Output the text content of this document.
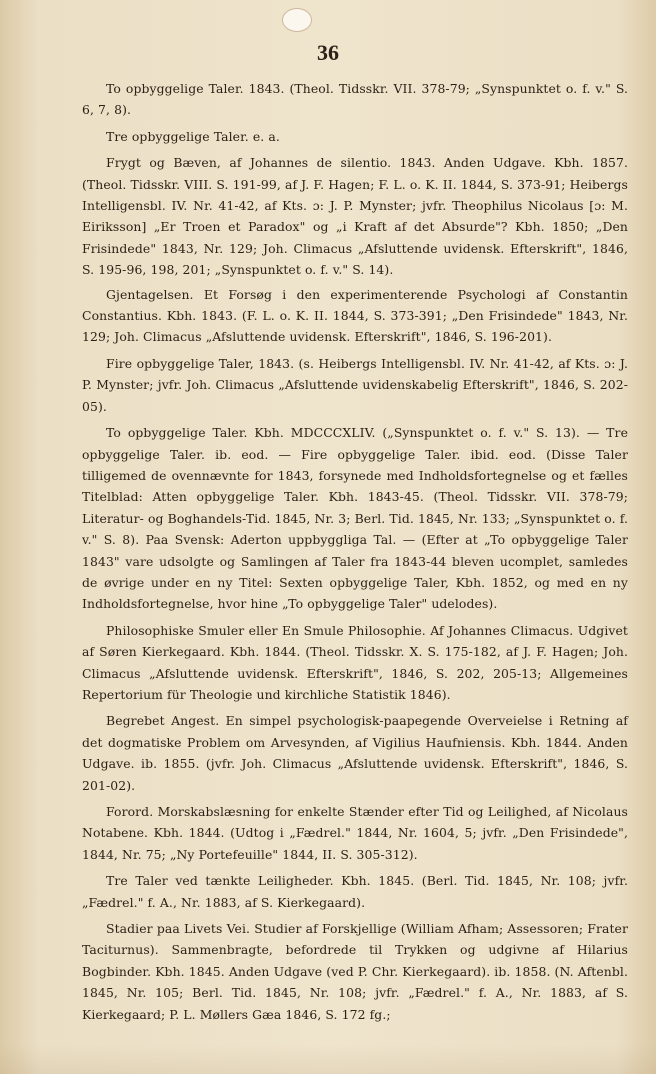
36

To opbyggelige Taler. 1843. (Theol. Tidsskr. VII. 378-79; „Synspunktet o. f. v." S. 6, 7, 8).

Tre opbyggelige Taler. e. a.

Frygt og Bæven, af Johannes de silentio. 1843. Anden Udgave. Kbh. 1857. (Theol. Tidsskr. VIII. S. 191-99, af J. F. Hagen; F. L. o. K. II. 1844, S. 373-91; Heibergs Intelligensbl. IV. Nr. 41-42, af Kts. ɔ: J. P. Mynster; jvfr. Theophilus Nicolaus [ɔ: M. Eiriksson] „Er Troen et Paradox" og „i Kraft af det Absurde"? Kbh. 1850; „Den Frisindede" 1843, Nr. 129; Joh. Climacus „Afsluttende uvidensk. Efterskrift", 1846, S. 195-96, 198, 201; „Synspunktet o. f. v." S. 14).

Gjentagelsen. Et Forsøg i den experimenterende Psychologi af Constantin Constantius. Kbh. 1843. (F. L. o. K. II. 1844, S. 373-391; „Den Frisindede" 1843, Nr. 129; Joh. Climacus „Afsluttende uvidensk. Efterskrift", 1846, S. 196-201).

Fire opbyggelige Taler, 1843. (s. Heibergs Intelligensbl. IV. Nr. 41-42, af Kts. ɔ: J. P. Mynster; jvfr. Joh. Climacus „Afsluttende uvidenskabelig Efterskrift", 1846, S. 202-05).

To opbyggelige Taler. Kbh. MDCCCXLIV. („Synspunktet o. f. v." S. 13). — Tre opbyggelige Taler. ib. eod. — Fire opbyggelige Taler. ibid. eod. (Disse Taler tilligemed de ovennævnte for 1843, forsynede med Indholdsfortegnelse og et fælles Titelblad: Atten opbyggelige Taler. Kbh. 1843-45. (Theol. Tidsskr. VII. 378-79; Literatur- og Boghandels-Tid. 1845, Nr. 3; Berl. Tid. 1845, Nr. 133; „Synspunktet o. f. v." S. 8). Paa Svensk: Aderton uppbyggliga Tal. — (Efter at „To opbyggelige Taler 1843" vare udsolgte og Samlingen af Taler fra 1843-44 bleven ucomplet, samledes de øvrige under en ny Titel: Sexten opbyggelige Taler, Kbh. 1852, og med en ny Indholdsfortegnelse, hvor hine „To opbyggelige Taler" udelodes).

Philosophiske Smuler eller En Smule Philosophie. Af Johannes Climacus. Udgivet af Søren Kierkegaard. Kbh. 1844. (Theol. Tidsskr. X. S. 175-182, af J. F. Hagen; Joh. Climacus „Afsluttende uvidensk. Efterskrift", 1846, S. 202, 205-13; Allgemeines Repertorium für Theologie und kirchliche Statistik 1846).

Begrebet Angest. En simpel psychologisk-paapegende Overveielse i Retning af det dogmatiske Problem om Arvesynden, af Vigilius Haufniensis. Kbh. 1844. Anden Udgave. ib. 1855. (jvfr. Joh. Climacus „Afsluttende uvidensk. Efterskrift", 1846, S. 201-02).

Forord. Morskabslæsning for enkelte Stænder efter Tid og Leilighed, af Nicolaus Notabene. Kbh. 1844. (Udtog i „Fædrel." 1844, Nr. 1604, 5; jvfr. „Den Frisindede", 1844, Nr. 75; „Ny Portefeuille" 1844, II. S. 305-312).

Tre Taler ved tænkte Leiligheder. Kbh. 1845. (Berl. Tid. 1845, Nr. 108; jvfr. „Fædrel." f. A., Nr. 1883, af S. Kierkegaard).

Stadier paa Livets Vei. Studier af Forskjellige (William Afham; Assessoren; Frater Taciturnus). Sammenbragte, befordrede til Trykken og udgivne af Hilarius Bogbinder. Kbh. 1845. Anden Udgave (ved P. Chr. Kierkegaard). ib. 1858. (N. Aftenbl. 1845, Nr. 105; Berl. Tid. 1845, Nr. 108; jvfr. „Fædrel." f. A., Nr. 1883, af S. Kierkegaard; P. L. Møllers Gæa 1846, S. 172 fg.;
